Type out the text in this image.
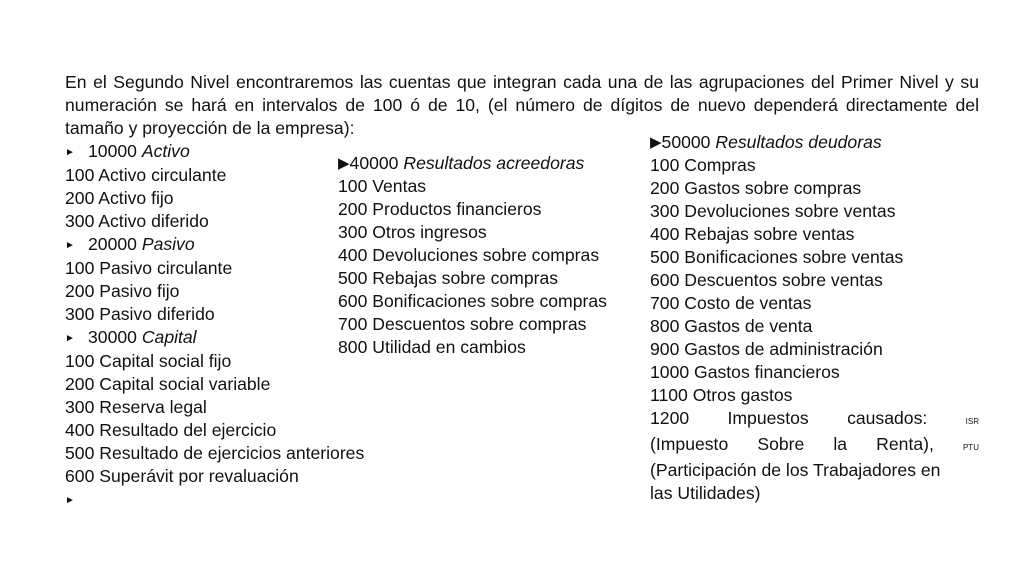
En el Segundo Nivel encontraremos las cuentas que integran cada una de las agrupaciones del Primer Nivel y su numeración se hará en intervalos de 100 ó de 10, (el número de dígitos de nuevo dependerá directamente del tamaño y proyección de la empresa):

► 10000 Activo
100 Activo circulante
200 Activo fijo
300 Activo diferido
► 20000 Pasivo
100 Pasivo circulante
200 Pasivo fijo
300 Pasivo diferido
► 30000 Capital
100 Capital social fijo
200 Capital social variable
300 Reserva legal
400 Resultado del ejercicio
500 Resultado de ejercicios anteriores
600 Superávit por revaluación
►
▶40000 Resultados acreedoras
100 Ventas
200 Productos financieros
300 Otros ingresos
400 Devoluciones sobre compras
500 Rebajas sobre compras
600 Bonificaciones sobre compras
700 Descuentos sobre compras
800 Utilidad en cambios
▶50000 Resultados deudoras
100 Compras
200 Gastos sobre compras
300 Devoluciones sobre ventas
400 Rebajas sobre ventas
500 Bonificaciones sobre ventas
600 Descuentos sobre ventas
700 Costo de ventas
800 Gastos de venta
900 Gastos de administración
1000 Gastos financieros
1100 Otros gastos
1200 Impuestos causados:	ISR
(Impuesto Sobre la Renta),	PTU
(Participación de los Trabajadores en
las Utilidades)
